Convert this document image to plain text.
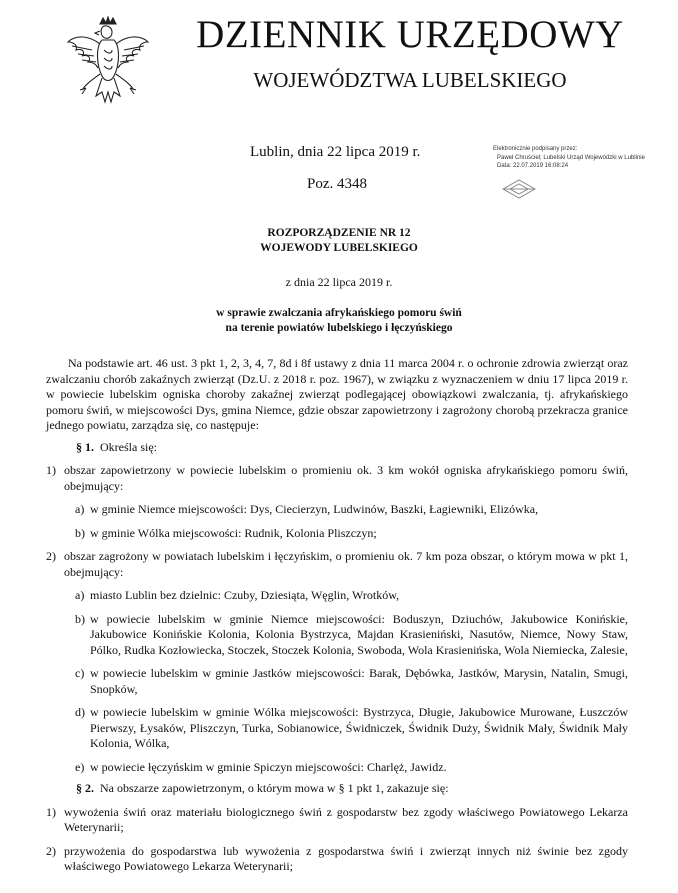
DZIENNIK URZĘDOWY
WOJEWÓDZTWA LUBELSKIEGO
Lublin, dnia 22 lipca 2019 r.
Poz. 4348
Elektronicznie podpisany przez:
Paweł Chruściel; Lubelski Urząd Wojewódzki w Lublinie
Data: 22.07.2019 16:08:24
ROZPORZĄDZENIE NR 12
WOJEWODY LUBELSKIEGO
z dnia 22 lipca 2019 r.
w sprawie zwalczania afrykańskiego pomoru świń
na terenie powiatów lubelskiego i łęczyńskiego

Na podstawie art. 46 ust. 3 pkt 1, 2, 3, 4, 7, 8d i 8f ustawy z dnia 11 marca 2004 r. o ochronie zdrowia zwierząt oraz zwalczaniu chorób zakaźnych zwierząt (Dz.U. z 2018 r. poz. 1967), w związku z wyznaczeniem w dniu 17 lipca 2019 r. w powiecie lubelskim ogniska choroby zakaźnej zwierząt podlegającej obowiązkowi zwalczania, tj. afrykańskiego pomoru świń, w miejscowości Dys, gmina Niemce, gdzie obszar zapowietrzony i zagrożony chorobą przekracza granice jednego powiatu, zarządza się, co następuje:

§ 1. Określa się:

1) obszar zapowietrzony w powiecie lubelskim o promieniu ok. 3 km wokół ogniska afrykańskiego pomoru świń, obejmujący:

a) w gminie Niemce miejscowości: Dys, Ciecierzyn, Ludwinów, Baszki, Łagiewniki, Elizówka,

b) w gminie Wólka miejscowości: Rudnik, Kolonia Pliszczyn;

2) obszar zagrożony w powiatach lubelskim i łęczyńskim, o promieniu ok. 7 km poza obszar, o którym mowa w pkt 1, obejmujący:

a) miasto Lublin bez dzielnic: Czuby, Dziesiąta, Węglin, Wrotków,

b) w powiecie lubelskim w gminie Niemce miejscowości: Boduszyn, Dziuchów, Jakubowice Konińskie, Jakubowice Konińskie Kolonia, Kolonia Bystrzyca, Majdan Krasieniński, Nasutów, Niemce, Nowy Staw, Pólko, Rudka Kozłowiecka, Stoczek, Stoczek Kolonia, Swoboda, Wola Krasienińska, Wola Niemiecka, Zalesie,

c) w powiecie lubelskim w gminie Jastków miejscowości: Barak, Dębówka, Jastków, Marysin, Natalin, Smugi, Snopków,

d) w powiecie lubelskim w gminie Wólka miejscowości: Bystrzyca, Długie, Jakubowice Murowane, Łuszczów Pierwszy, Łysaków, Pliszczyn, Turka, Sobianowice, Świdniczek, Świdnik Duży, Świdnik Mały, Świdnik Mały Kolonia, Wólka,

e) w powiecie łęczyńskim w gminie Spiczyn miejscowości: Charlęż, Jawidz.

§ 2. Na obszarze zapowietrzonym, o którym mowa w § 1 pkt 1, zakazuje się:

1) wywożenia świń oraz materiału biologicznego świń z gospodarstw bez zgody właściwego Powiatowego Lekarza Weterynarii;

2) przywożenia do gospodarstwa lub wywożenia z gospodarstwa świń i zwierząt innych niż świnie bez zgody właściwego Powiatowego Lekarza Weterynarii;
